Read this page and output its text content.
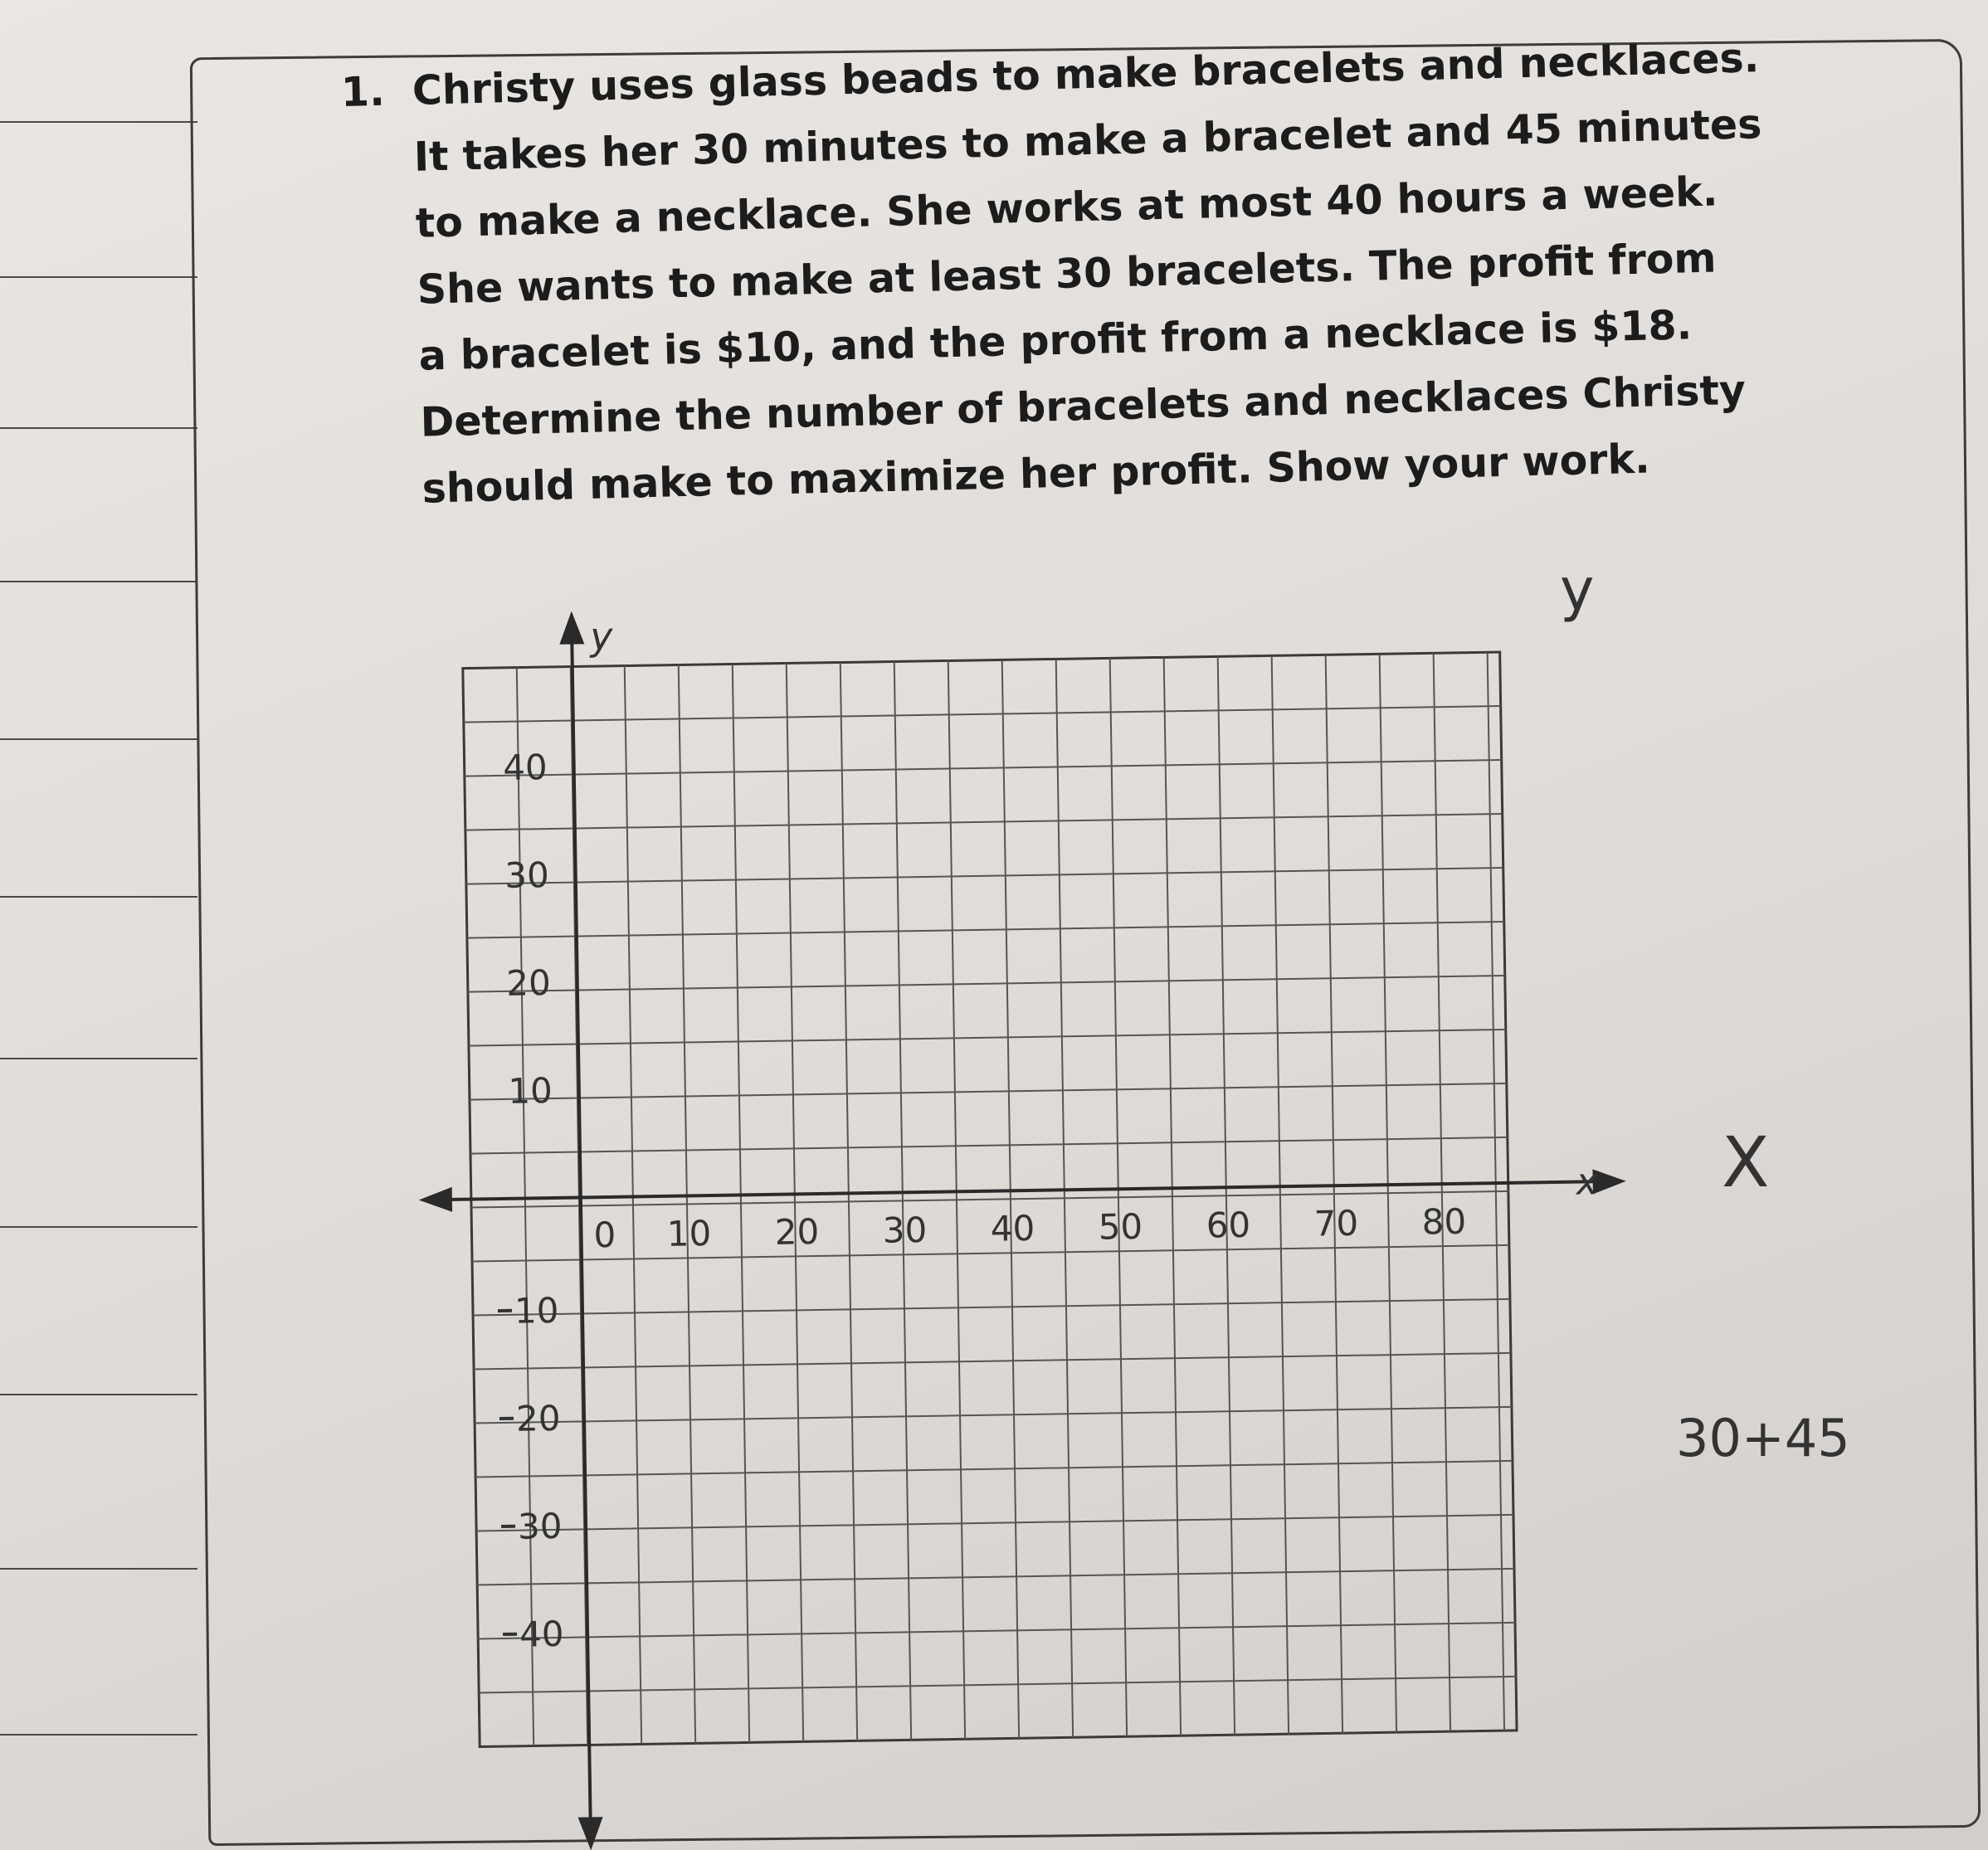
1. Christy uses glass beads to make bracelets and necklaces.
It takes her 30 minutes to make a bracelet and 45 minutes
to make a necklace. She works at most 40 hours a week.
She wants to make at least 30 bracelets. The profit from
a bracelet is $10, and the profit from a necklace is $18.
Determine the number of bracelets and necklaces Christy
should make to maximize her profit. Show your work.
y
x
0 10 20 30 40 50 60 70 80
40
30
20
10
10
20
30
40
y
X
30+45
